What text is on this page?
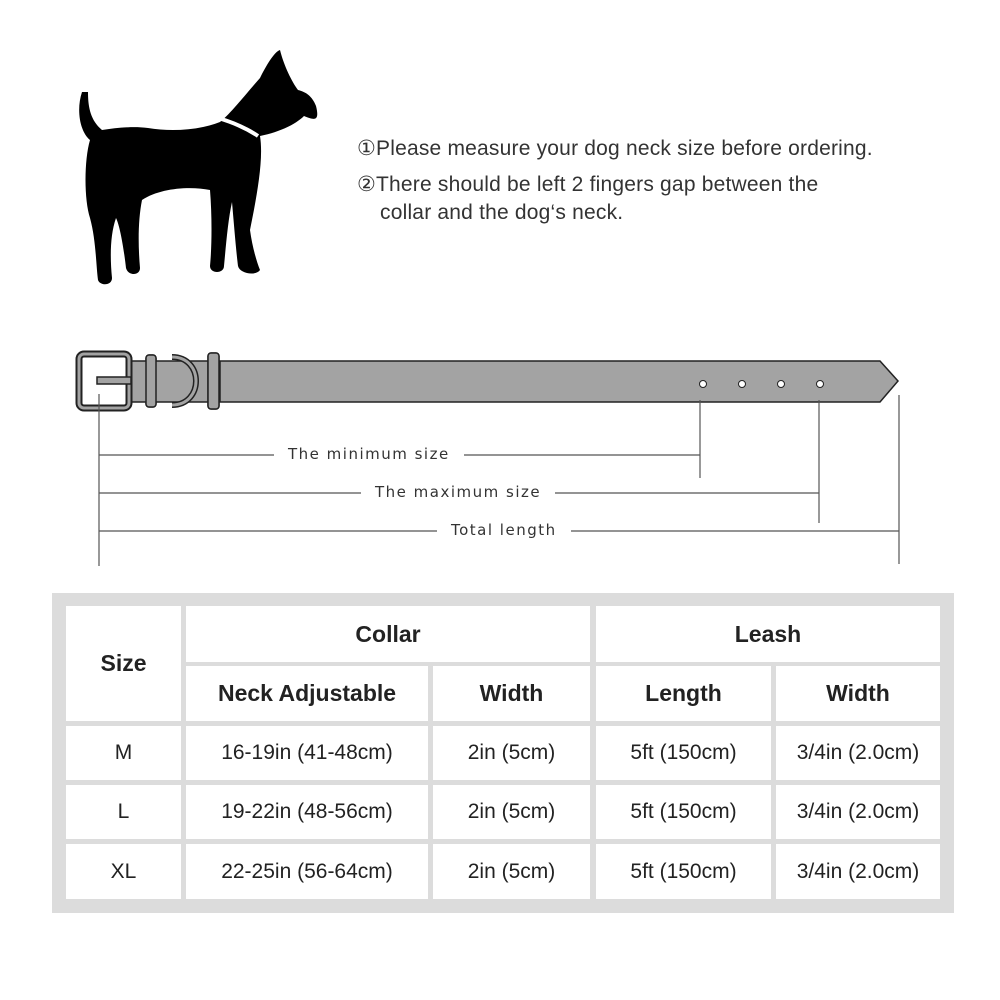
①Please measure your dog neck size before ordering.
②There should be left 2 fingers gap between the
collar and the dog‘s neck.
The minimum size
The maximum size
Total length
Size
Collar	Leash
Neck Adjustable	Width	Length	Width
M	16-19in (41-48cm)	2in (5cm)	5ft (150cm)	3/4in (2.0cm)
L	19-22in (48-56cm)	2in (5cm)	5ft (150cm)	3/4in (2.0cm)
XL	22-25in (56-64cm)	2in (5cm)	5ft (150cm)	3/4in (2.0cm)
